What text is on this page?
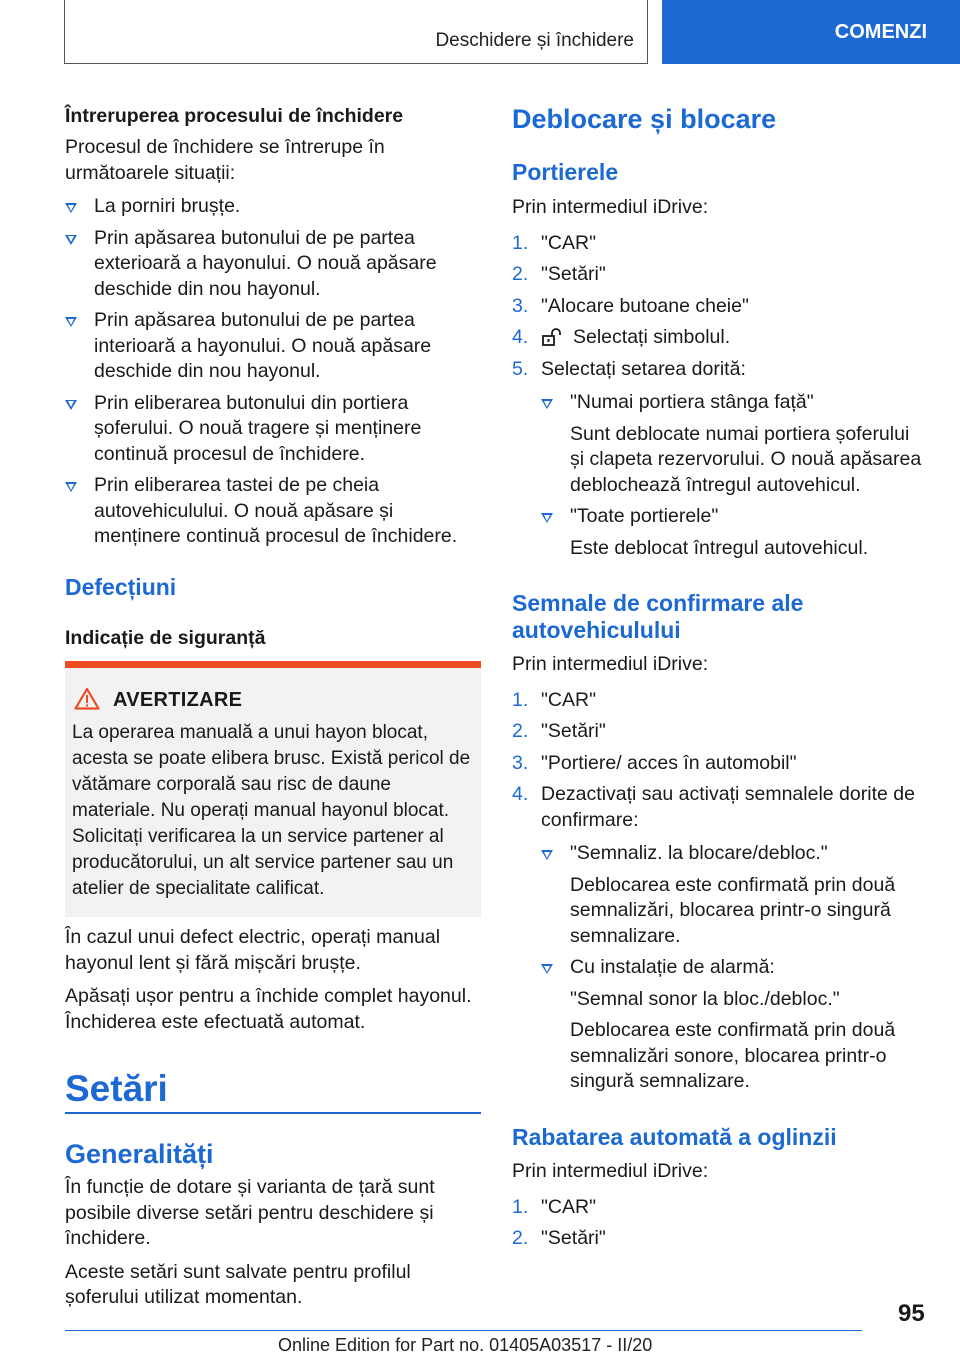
Deschidere și închidere	COMENZI
Întreruperea procesului de închidere

Procesul de închidere se întrerupe în următoarele situații:

La porniri brușțe.
Prin apăsarea butonului de pe partea exterioară a hayonului. O nouă apăsare deschide din nou hayonul.
Prin apăsarea butonului de pe partea interioară a hayonului. O nouă apăsare deschide din nou hayonul.
Prin eliberarea butonului din portiera șoferului. O nouă tragere și menținere continuă procesul de închidere.
Prin eliberarea tastei de pe cheia autovehiculului. O nouă apăsare și menținere continuă procesul de închidere.
Defecțiuni
Indicație de siguranță
AVERTIZARE
La operarea manuală a unui hayon blocat, acesta se poate elibera brusc. Există pericol de vătămare corporală sau risc de daune materiale. Nu operați manual hayonul blocat. Solicitați verificarea la un service partener al producătorului, un alt service partener sau un atelier de specialitate calificat.

În cazul unui defect electric, operați manual hayonul lent și fără mișcări brușțe.

Apăsați ușor pentru a închide complet hayonul. Închiderea este efectuată automat.

Setări
Generalități

În funcție de dotare și varianta de țară sunt posibile diverse setări pentru deschidere și închidere.

Aceste setări sunt salvate pentru profilul șoferului utilizat momentan.

Deblocare și blocare
Portierele

Prin intermediul iDrive:

1. "CAR"
2. "Setări"
3. "Alocare butoane cheie"
4. Selectați simbolul.
5. Selectați setarea dorită:
"Numai portiera stânga față"
Sunt deblocate numai portiera șoferului și clapeta rezervorului. O nouă apăsarea deblochează întregul autovehicul.
"Toate portierele"
Este deblocat întregul autovehicul.
Semnale de confirmare ale autovehiculului

Prin intermediul iDrive:

1. "CAR"
2. "Setări"
3. "Portiere/ acces în automobil"
4. Dezactivați sau activați semnalele dorite de confirmare:
"Semnaliz. la blocare/debloc."
Deblocarea este confirmată prin două semnalizări, blocarea printr-o singură semnalizare.
Cu instalație de alarmă:
"Semnal sonor la bloc./debloc."
Deblocarea este confirmată prin două semnalizări sonore, blocarea printr-o singură semnalizare.
Rabatarea automată a oglinzii

Prin intermediul iDrive:

1. "CAR"
2. "Setări"
95
Online Edition for Part no. 01405A03517 - II/20
